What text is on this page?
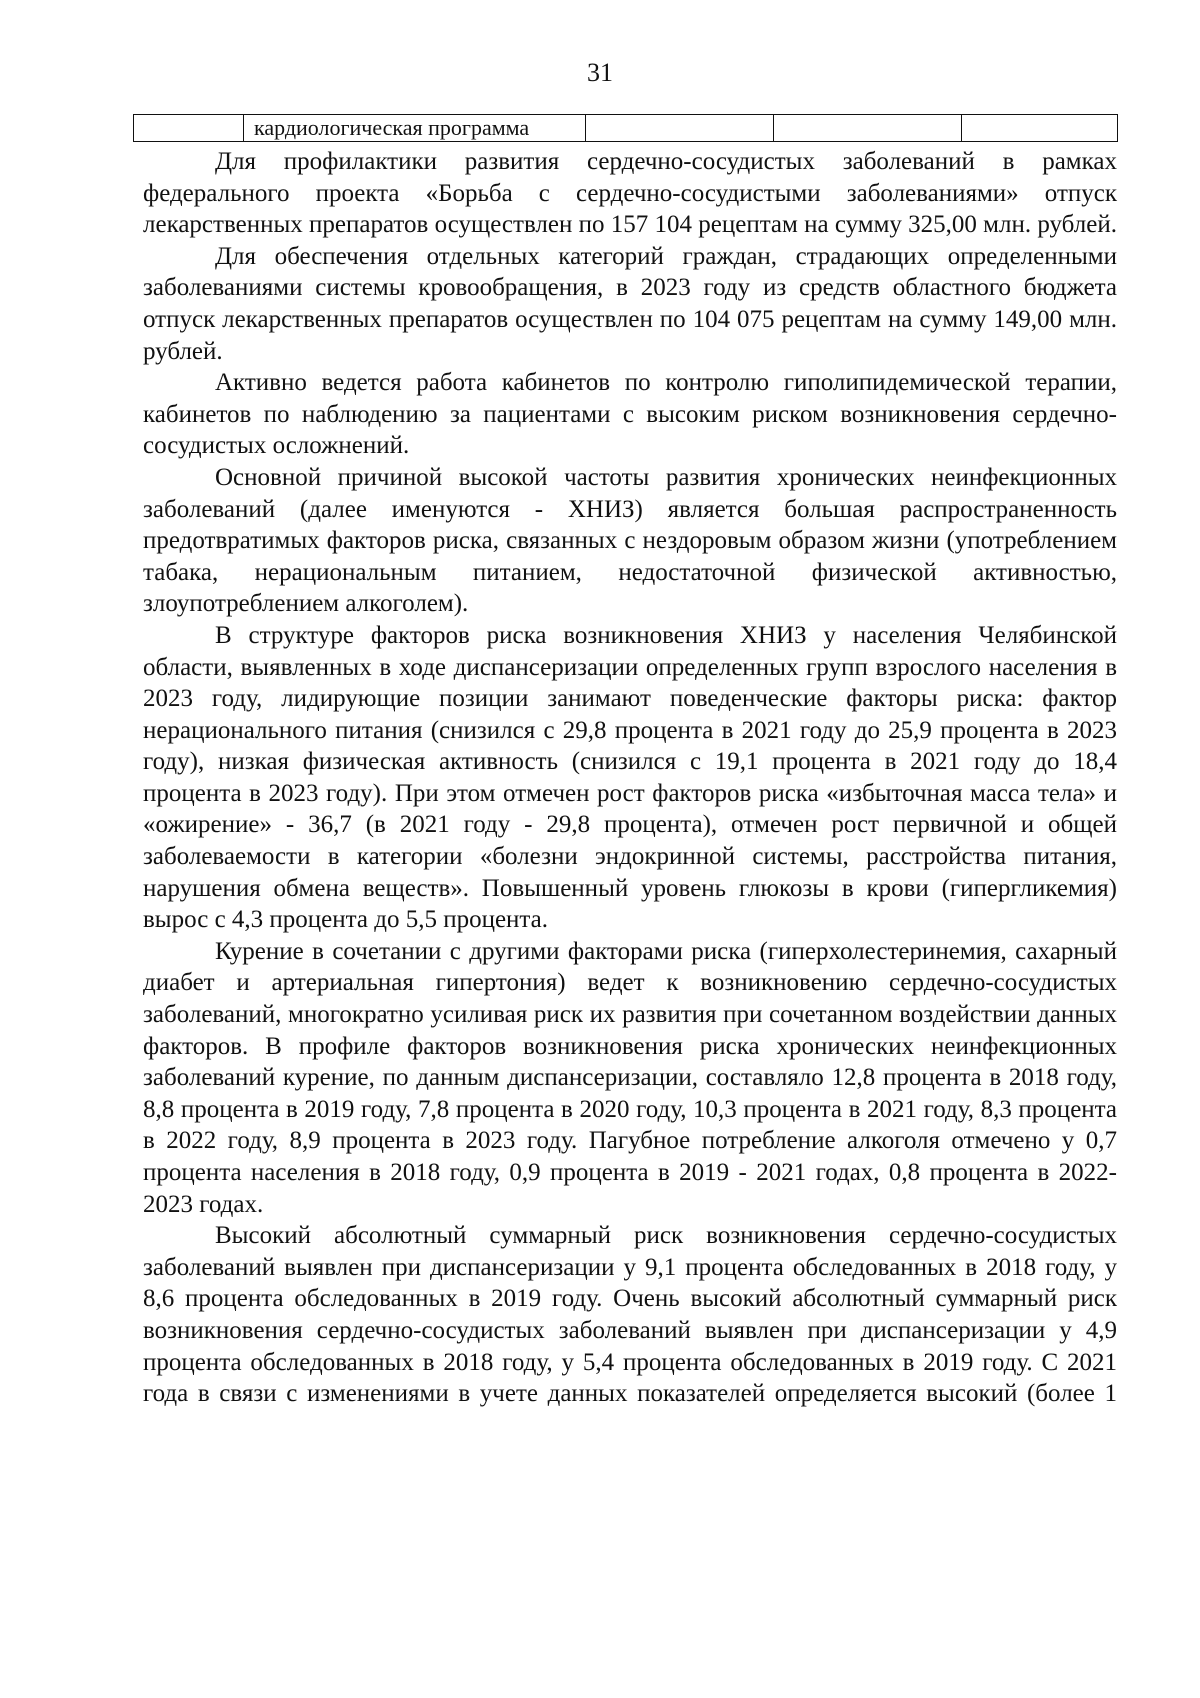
31
	кардиологическая программа			

Для профилактики развития сердечно-сосудистых заболеваний в рамках федерального проекта «Борьба с сердечно-сосудистыми заболеваниями» отпуск лекарственных препаратов осуществлен по 157 104 рецептам на сумму 325,00 млн. рублей.

Для обеспечения отдельных категорий граждан, страдающих определенными заболеваниями системы кровообращения, в 2023 году из средств областного бюджета отпуск лекарственных препаратов осуществлен по 104 075 рецептам на сумму 149,00 млн. рублей.

Активно ведется работа кабинетов по контролю гиполипидемической терапии, кабинетов по наблюдению за пациентами с высоким риском возникновения сердечно-сосудистых осложнений.

Основной причиной высокой частоты развития хронических неинфекционных заболеваний (далее именуются - ХНИЗ) является большая распространенность предотвратимых факторов риска, связанных с нездоровым образом жизни (употреблением табака, нерациональным питанием, недостаточной физической активностью, злоупотреблением алкоголем).

В структуре факторов риска возникновения ХНИЗ у населения Челябинской области, выявленных в ходе диспансеризации определенных групп взрослого населения в 2023 году, лидирующие позиции занимают поведенческие факторы риска: фактор нерационального питания (снизился с 29,8 процента в 2021 году до 25,9 процента в 2023 году), низкая физическая активность (снизился с 19,1 процента в 2021 году до 18,4 процента в 2023 году). При этом отмечен рост факторов риска «избыточная масса тела» и «ожирение» - 36,7 (в 2021 году - 29,8 процента), отмечен рост первичной и общей заболеваемости в категории «болезни эндокринной системы, расстройства питания, нарушения обмена веществ». Повышенный уровень глюкозы в крови (гипергликемия) вырос с 4,3 процента до 5,5 процента.

Курение в сочетании с другими факторами риска (гиперхолестеринемия, сахарный диабет и артериальная гипертония) ведет к возникновению сердечно-сосудистых заболеваний, многократно усиливая риск их развития при сочетанном воздействии данных факторов. В профиле факторов возникновения риска хронических неинфекционных заболеваний курение, по данным диспансеризации, составляло 12,8 процента в 2018 году, 8,8 процента в 2019 году, 7,8 процента в 2020 году, 10,3 процента в 2021 году, 8,3 процента в 2022 году, 8,9 процента в 2023 году. Пагубное потребление алкоголя отмечено у 0,7 процента населения в 2018 году, 0,9 процента в 2019 - 2021 годах, 0,8 процента в 2022-2023 годах.

Высокий абсолютный суммарный риск возникновения сердечно-сосудистых заболеваний выявлен при диспансеризации у 9,1 процента обследованных в 2018 году, у 8,6 процента обследованных в 2019 году. Очень высокий абсолютный суммарный риск возникновения сердечно-сосудистых заболеваний выявлен при диспансеризации у 4,9 процента обследованных в 2018 году, у 5,4 процента обследованных в 2019 году. С 2021 года в связи с изменениями в учете данных показателей определяется высокий (более 1
